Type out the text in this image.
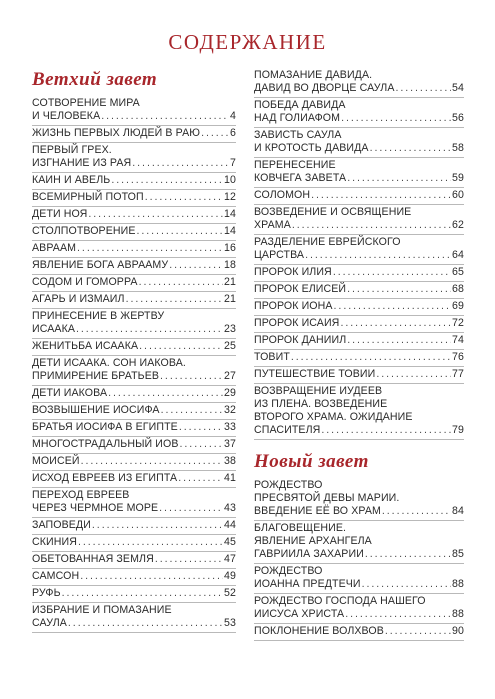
СОДЕРЖАНИЕ
Ветхий завет
СОТВОРЕНИЕ МИРА
И ЧЕЛОВЕКА . . .	4
ЖИЗНЬ ПЕРВЫХ ЛЮДЕЙ В РАЮ . . .	6
ПЕРВЫЙ ГРЕХ.
ИЗГНАНИЕ ИЗ РАЯ . . .	7
КАИН И АВЕЛЬ . . .	10
ВСЕМИРНЫЙ ПОТОП . . .	12
ДЕТИ НОЯ . . .	14
СТОЛПОТВОРЕНИЕ . . .	14
АВРААМ . . .	16
ЯВЛЕНИЕ БОГА АВРААМУ . . .	18
СОДОМ И ГОМОРРА . . .	21
АГАРЬ И ИЗМАИЛ . . .	21
ПРИНЕСЕНИЕ В ЖЕРТВУ
ИСААКА . . .	23
ЖЕНИТЬБА ИСААКА . . .	25
ДЕТИ ИСААКА. СОН ИАКОВА.
ПРИМИРЕНИЕ БРАТЬЕВ . . .	27
ДЕТИ ИАКОВА . . .	29
ВОЗВЫШЕНИЕ ИОСИФА . . .	32
БРАТЬЯ ИОСИФА В ЕГИПТЕ . . .	33
МНОГОСТРАДАЛЬНЫЙ ИОВ . . .	37
МОИСЕЙ . . .	38
ИСХОД ЕВРЕЕВ ИЗ ЕГИПТА . . .	41
ПЕРЕХОД ЕВРЕЕВ
ЧЕРЕЗ ЧЕРМНОЕ МОРЕ . . .	43
ЗАПОВЕДИ . . .	44
СКИНИЯ . . .	45
ОБЕТОВАННАЯ ЗЕМЛЯ . . .	47
САМСОН . . .	49
РУФЬ . . .	52
ИЗБРАНИЕ И ПОМАЗАНИЕ
САУЛА . . .	53
ПОМАЗАНИЕ ДАВИДА.
ДАВИД ВО ДВОРЦЕ САУЛА . . .	54
ПОБЕДА ДАВИДА
НАД ГОЛИАФОМ . . .	56
ЗАВИСТЬ САУЛА
И КРОТОСТЬ ДАВИДА . . .	58
ПЕРЕНЕСЕНИЕ
КОВЧЕГА ЗАВЕТА . . .	59
СОЛОМОН . . .	60
ВОЗВЕДЕНИЕ И ОСВЯЩЕНИЕ
ХРАМА . . .	62
РАЗДЕЛЕНИЕ ЕВРЕЙСКОГО
ЦАРСТВА . . .	64
ПРОРОК ИЛИЯ . . .	65
ПРОРОК ЕЛИСЕЙ . . .	68
ПРОРОК ИОНА . . .	69
ПРОРОК ИСАИЯ . . .	72
ПРОРОК ДАНИИЛ . . .	74
ТОВИТ . . .	76
ПУТЕШЕСТВИЕ ТОВИИ . . .	77
ВОЗВРАЩЕНИЕ ИУДЕЕВ
ИЗ ПЛЕНА. ВОЗВЕДЕНИЕ
ВТОРОГО ХРАМА. ОЖИДАНИЕ
СПАСИТЕЛЯ . . .	79
Новый завет
РОЖДЕСТВО
ПРЕСВЯТОЙ ДЕВЫ МАРИИ.
ВВЕДЕНИЕ ЕЁ ВО ХРАМ . . .	84
БЛАГОВЕЩЕНИЕ.
ЯВЛЕНИЕ АРХАНГЕЛА
ГАВРИИЛА ЗАХАРИИ . . .	85
РОЖДЕСТВО
ИОАННА ПРЕДТЕЧИ . . .	88
РОЖДЕСТВО ГОСПОДА НАШЕГО
ИИСУСА ХРИСТА . . .	88
ПОКЛОНЕНИЕ ВОЛХВОВ . . .	90
